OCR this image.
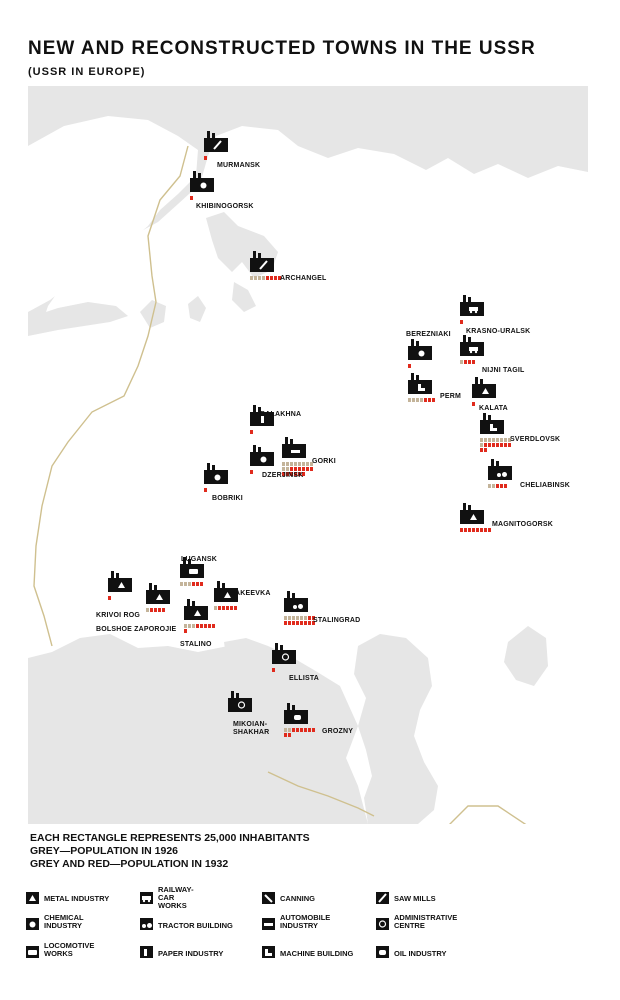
NEW AND RECONSTRUCTED TOWNS IN THE USSR
(USSR IN EUROPE)
MURMANSK
KHIBINOGORSK
ARCHANGEL
BEREZNIAKI KRASNO-URALSK
NIJNI TAGIL
PERM
KALATA
SVERDLOVSK
CHELIABINSK
MAGNITOGORSK
BALAKHNA
GORKI
DZERJINSK
BOBRIKI
LUGANSK
KRIVOI ROG
MAKEEVKA
BOLSHOE ZAPOROJIE
STALINO
STALINGRAD
ELLISTA
MIKOIAN-SHAKHAR	GROZNY
EACH RECTANGLE REPRESENTS 25,000 INHABITANTS
GREY—POPULATION IN 1926
GREY AND RED—POPULATION IN 1932
METAL INDUSTRY
RAILWAY-CAR WORKS
CANNING	SAW MILLS
CHEMICAL INDUSTRY	TRACTOR BUILDING
AUTOMOBILE INDUSTRY
ADMINISTRATIVE CENTRE
LOCOMOTIVE WORKS	PAPER INDUSTRY	MACHINE BUILDING	OIL INDUSTRY
